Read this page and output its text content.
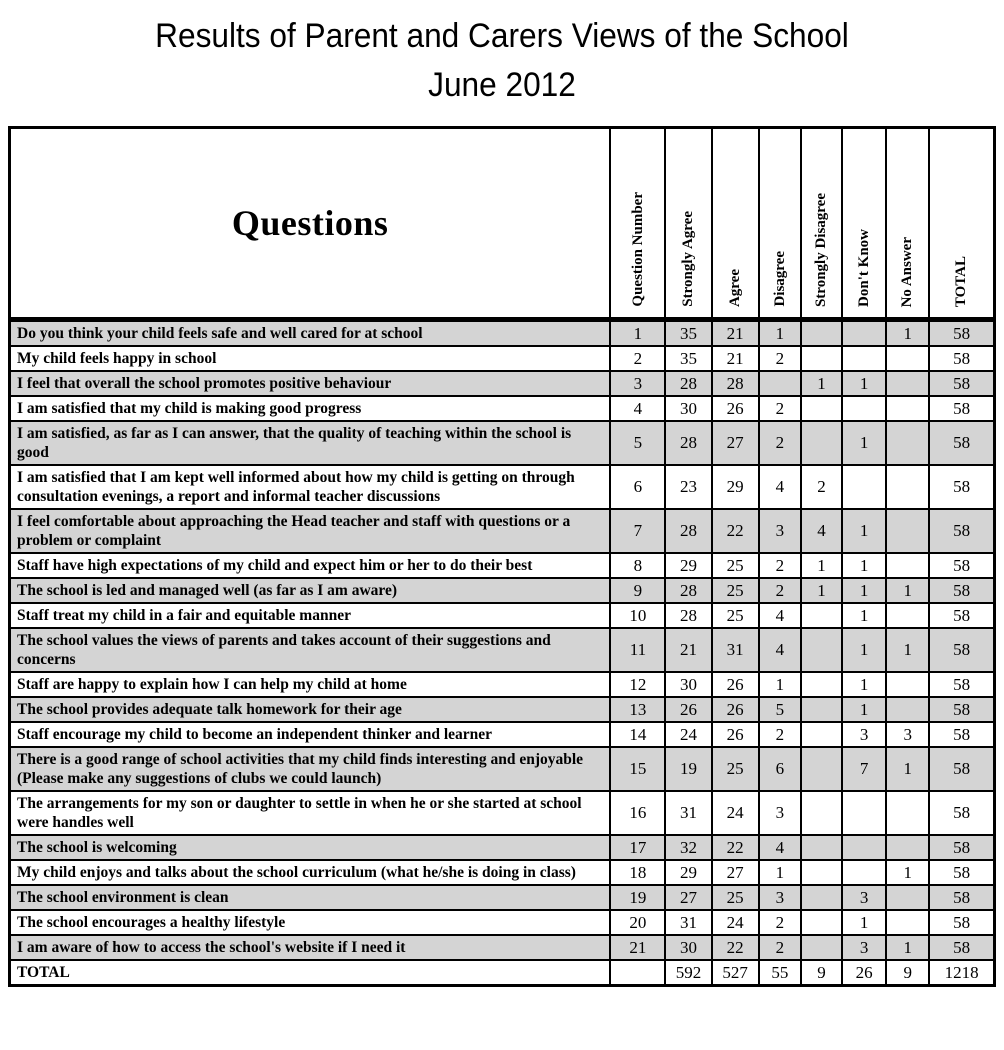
Results of Parent and Carers Views of the School
June 2012
Questions	Question Number	Strongly Agree	Agree	Disagree	Strongly Disagree	Don't Know	No Answer	TOTAL

Do you think your child feels safe and well cared for at school	1	35	21	1			1	58
My child feels happy in school	2	35	21	2				58
I feel that overall the school promotes positive behaviour	3	28	28		1	1		58
I am satisfied that my child is making good progress	4	30	26	2				58
I am satisfied, as far as I can answer, that the quality of teaching within the school is good	5	28	27	2		1		58
I am satisfied that I am kept well informed about how my child is getting on through consultation evenings, a report and informal teacher discussions	6	23	29	4	2			58
I feel comfortable about approaching the Head teacher and staff with questions or a problem or complaint	7	28	22	3	4	1		58
Staff have high expectations of my child and expect him or her to do their best	8	29	25	2	1	1		58
The school is led and managed well (as far as I am aware)	9	28	25	2	1	1	1	58
Staff treat my child in a fair and equitable manner	10	28	25	4		1		58
The school values the views of parents and takes account of their suggestions and concerns	11	21	31	4		1	1	58
Staff are happy to explain how I can help my child at home	12	30	26	1		1		58
The school provides adequate talk homework for their age	13	26	26	5		1		58
Staff encourage my child to become an independent thinker and learner	14	24	26	2		3	3	58
There is a good range of school activities that my child finds interesting and enjoyable (Please make any suggestions of clubs we could launch)	15	19	25	6		7	1	58
The arrangements for my son or daughter to settle in when he or she started at school were handles well	16	31	24	3				58
The school is welcoming	17	32	22	4				58
My child enjoys and talks about the school curriculum (what he/she is doing in class)	18	29	27	1			1	58
The school environment is clean	19	27	25	3		3		58
The school encourages a healthy lifestyle	20	31	24	2		1		58
I am aware of how to access the school's website if I need it	21	30	22	2		3	1	58
TOTAL		592	527	55	9	26	9	1218
